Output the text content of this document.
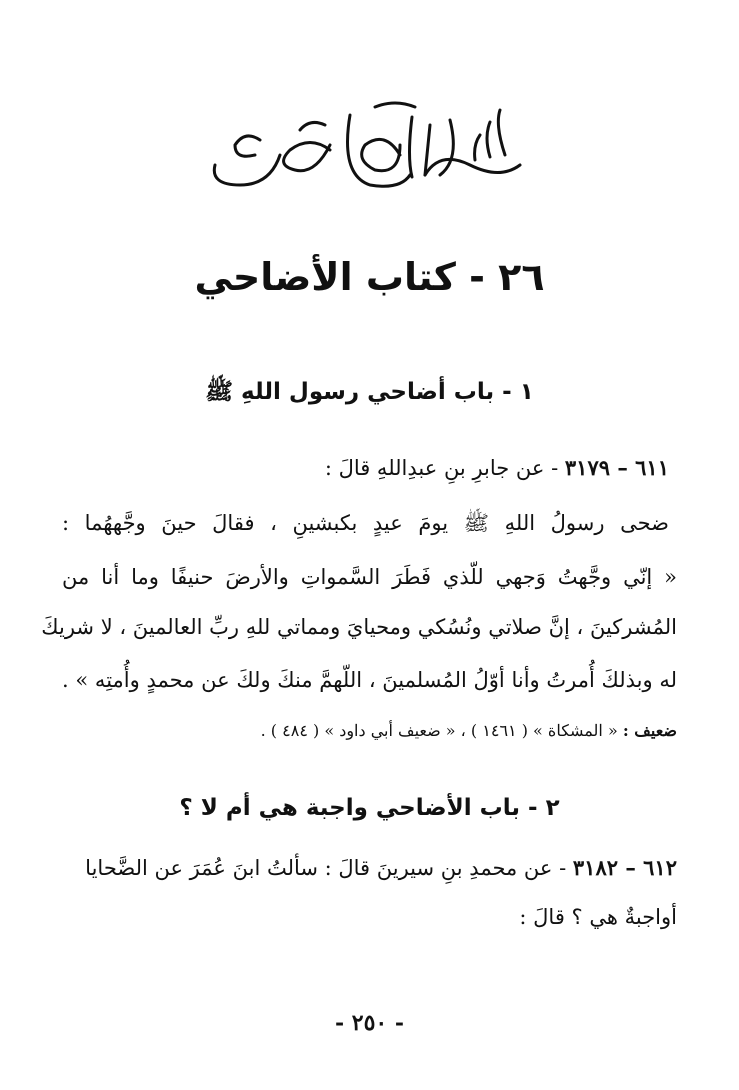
٢٦ - كتاب الأضاحي
١ - باب أضاحي رسول اللهِ ﷺ
٦١١ – ٣١٧٩ - عن جابرِ بنِ عبدِاللهِ قالَ :
ضحى رسولُ اللهِ ﷺ يومَ عيدٍ بكبشينِ ، فقالَ حينَ وجَّههُما :
« إنّي وجَّهتُ وَجهي للّذي فَطَرَ السَّمواتِ والأرضَ حنيفًا وما أنا من
المُشركينَ ، إنَّ صلاتي ونُسُكي ومحيايَ ومماتي للهِ ربِّ العالمينَ ، لا شريكَ
له وبذلكَ أُمرتُ وأنا أوّلُ المُسلمينَ ، اللّهمَّ منكَ ولكَ عن محمدٍ وأُمتِه » .
ضعيف : « المشكاة » ( ١٤٦١ ) ، « ضعيف أبي داود » ( ٤٨٤ ) .
٢ - باب الأضاحي واجبة هي أم لا ؟
٦١٢ – ٣١٨٢ - عن محمدِ بنِ سيرينَ قالَ : سألتُ ابنَ عُمَرَ عن الضَّحايا
أواجبةٌ هي ؟ قالَ :
- ٢٥٠ -
